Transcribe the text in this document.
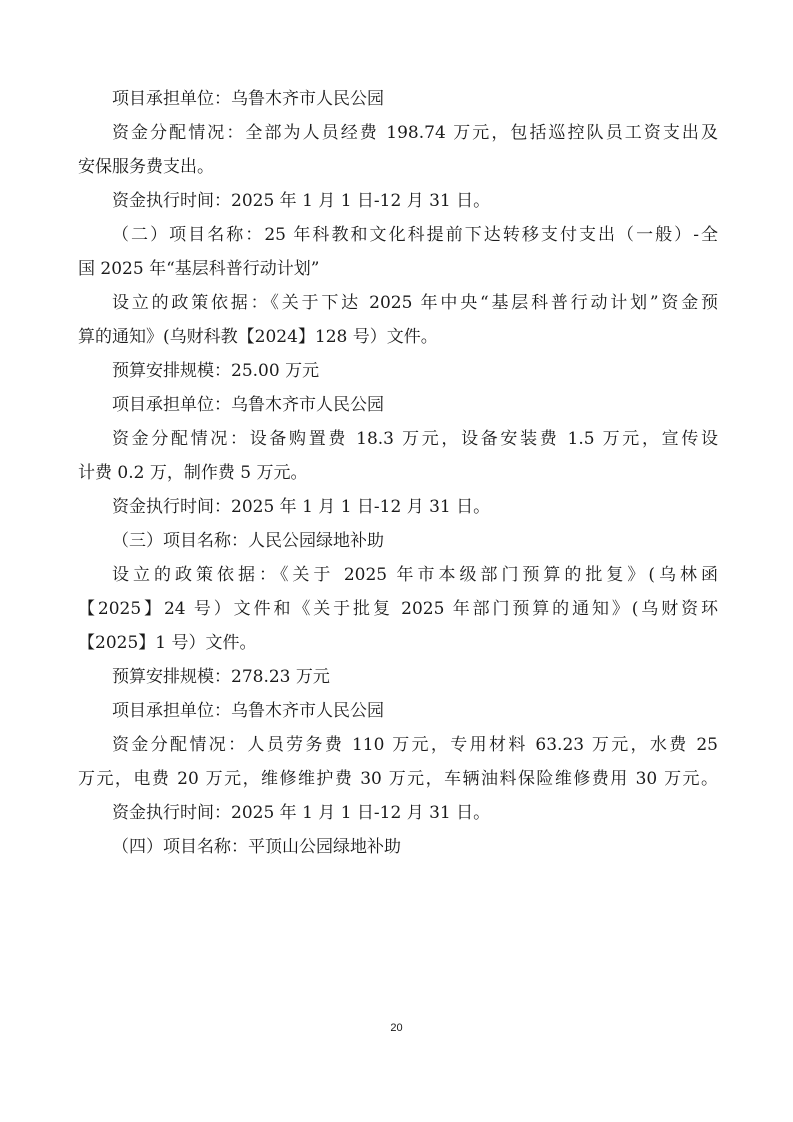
项目承担单位：乌鲁木齐市人民公园
资金分配情况：全部为人员经费 198.74 万元，包括巡控队员工资支出及
安保服务费支出。
资金执行时间：2025 年 1 月 1 日-12 月 31 日。
（二）项目名称：25 年科教和文化科提前下达转移支付支出（一般）-全
国 2025 年“基层科普行动计划”
设立的政策依据：《关于下达 2025 年中央“基层科普行动计划”资金预
算的通知》(乌财科教【2024】128 号）文件。
预算安排规模：25.00 万元
项目承担单位：乌鲁木齐市人民公园
资金分配情况：设备购置费 18.3 万元，设备安装费 1.5 万元，宣传设
计费 0.2 万，制作费 5 万元。
资金执行时间：2025 年 1 月 1 日-12 月 31 日。
（三）项目名称：人民公园绿地补助
设立的政策依据：《关于 2025 年市本级部门预算的批复》(乌林函
【2025】24 号）文件和《关于批复 2025 年部门预算的通知》(乌财资环
【2025】1 号）文件。
预算安排规模：278.23 万元
项目承担单位：乌鲁木齐市人民公园
资金分配情况：人员劳务费 110 万元，专用材料 63.23 万元，水费 25
万元，电费 20 万元，维修维护费 30 万元，车辆油料保险维修费用 30 万元。
资金执行时间：2025 年 1 月 1 日-12 月 31 日。
（四）项目名称：平顶山公园绿地补助
20
